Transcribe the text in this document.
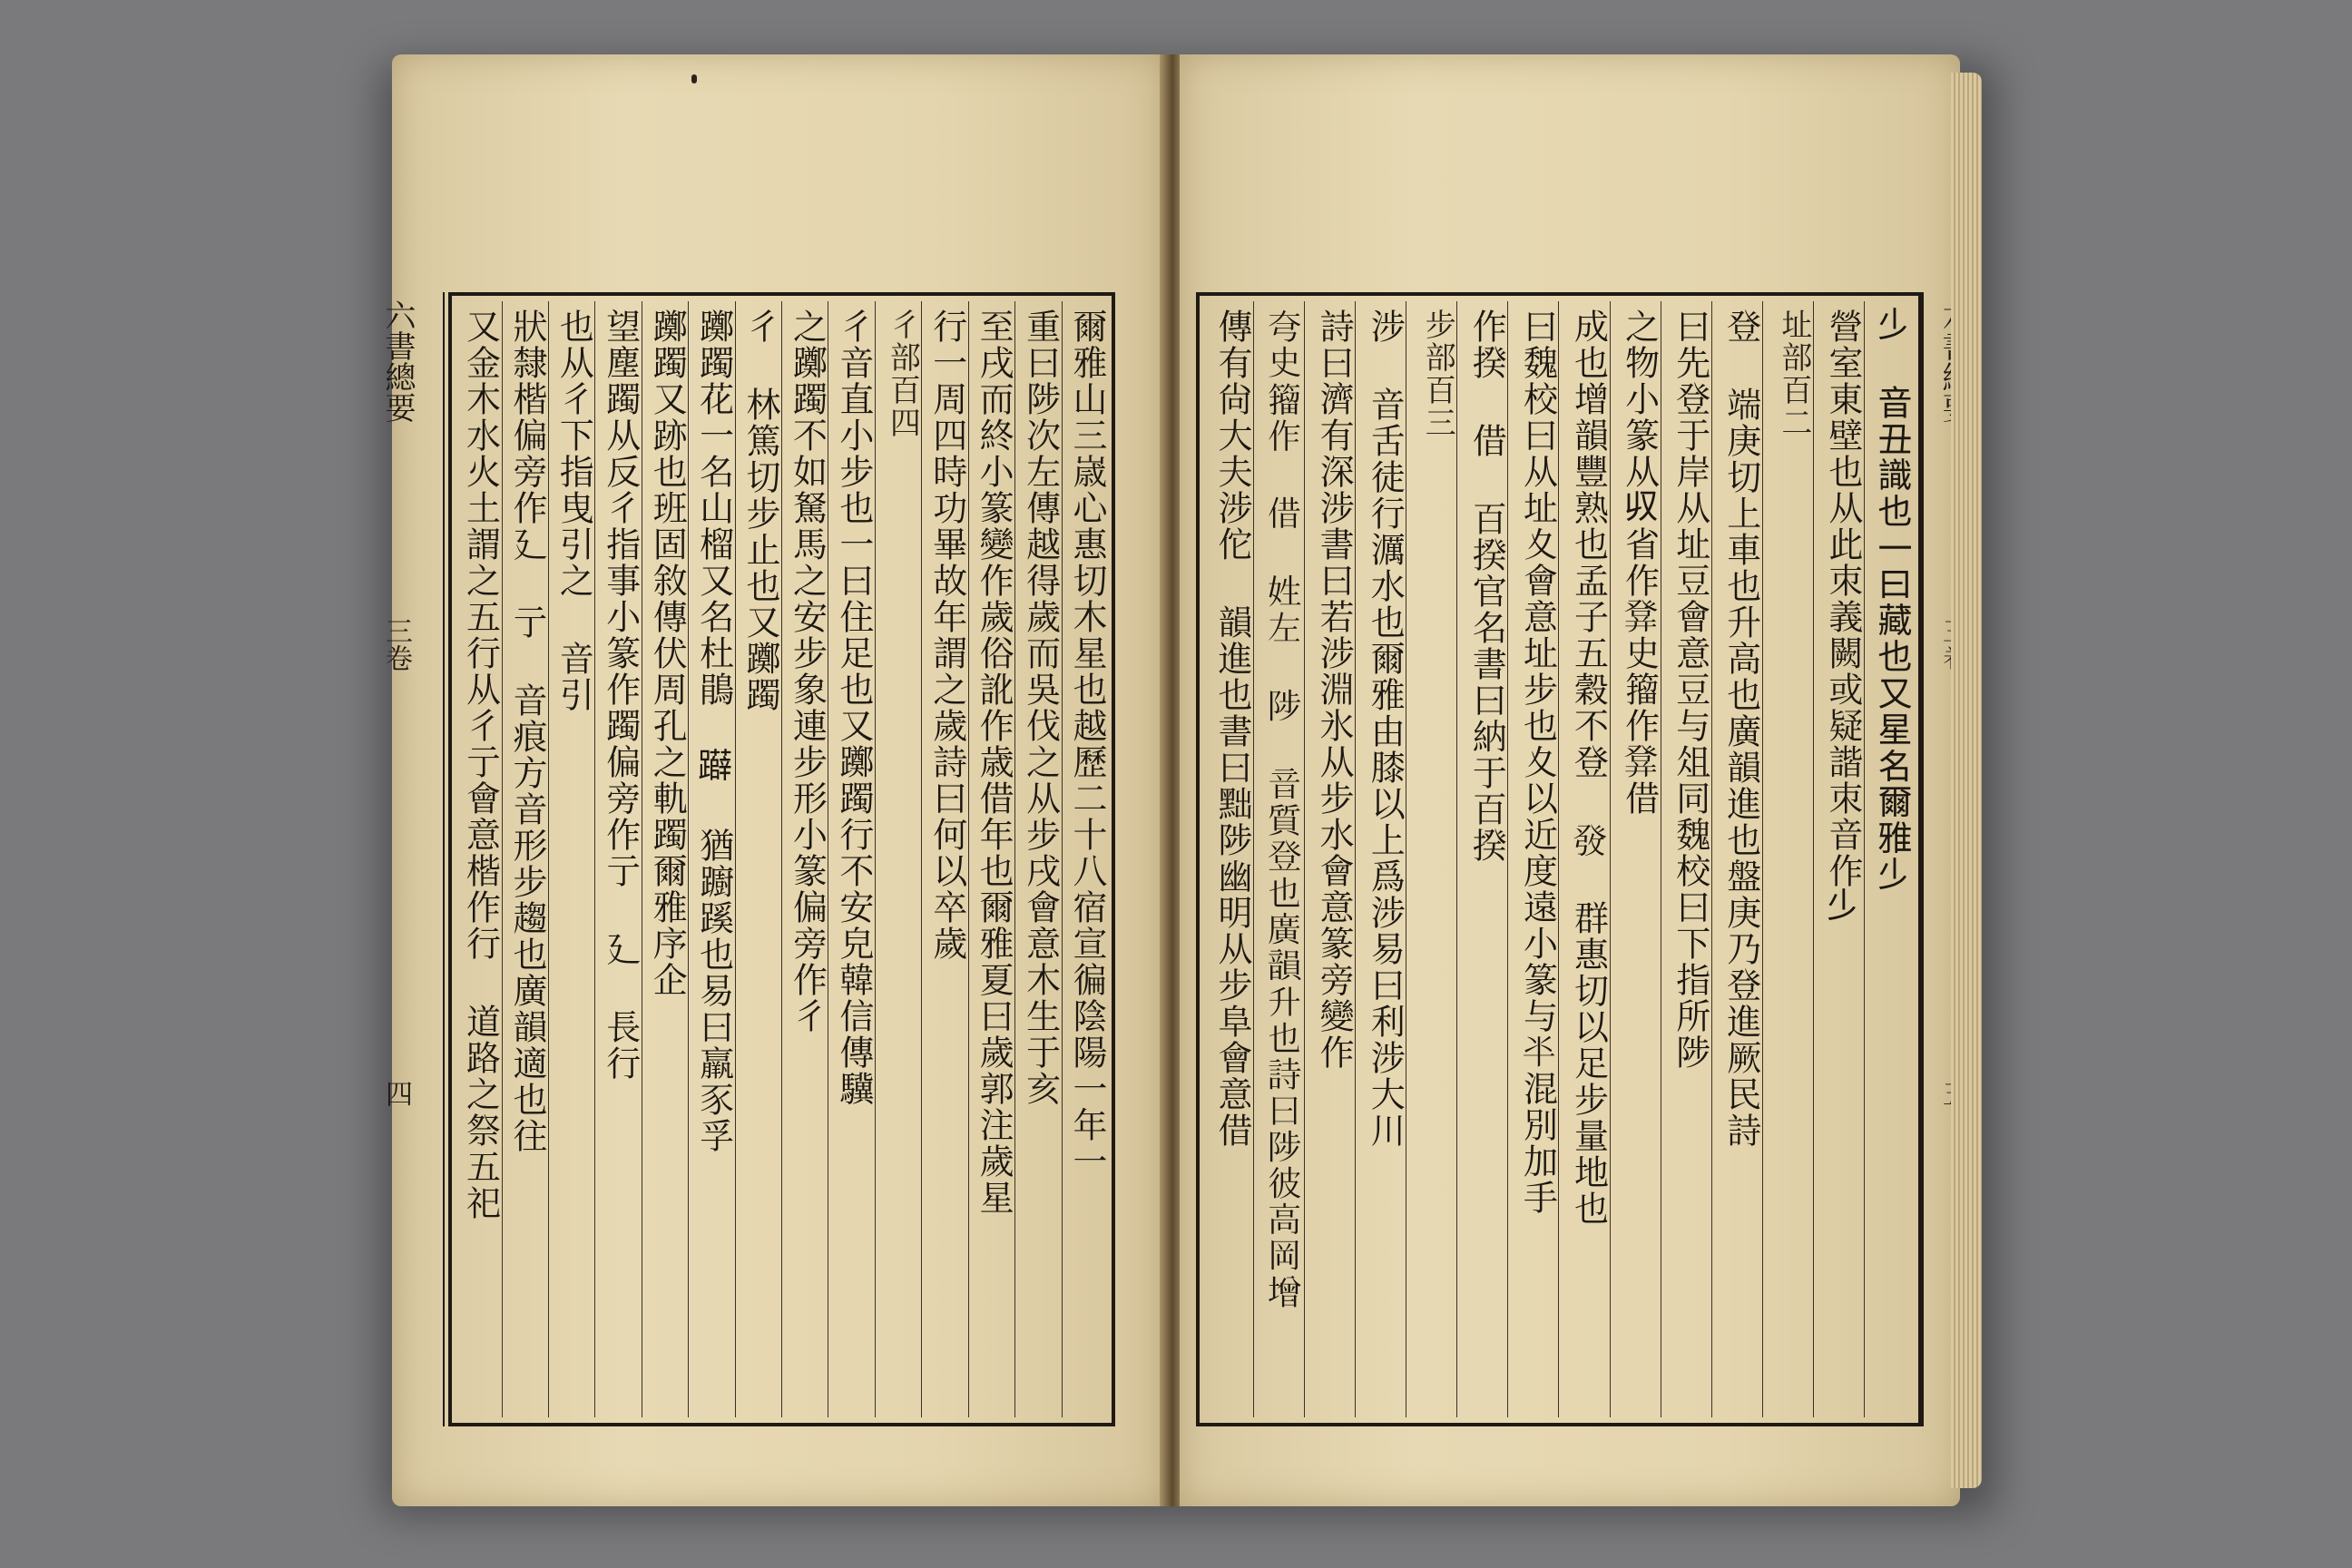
六書總要
三卷
四	爾雅山三𡻕心惠切木星也越歷二十八宿宣徧陰陽一年一
重曰陟次左傳越得歲而吳伐之从步戌會意木生于亥
至戌而終小篆變作歲俗訛作歳借年也爾雅夏曰歲郭注歲星
行一周四時功畢故年謂之歲詩曰何以卒歲
彳部百四
彳音直小步也一曰住足也又躑躅行不安皃韓信傳驥
之躑躅不如駑馬之安步象連步形小篆偏旁作彳
彳 林篤切步止也又躑躅
躑躅花一名山榴又名杜鵑 𨇨 猶躕蹊也易曰羸豕孚
躑躅又跡也班固敘傳伏周孔之軌躅爾雅序企
望塵躅从反彳指事小篆作躅偏旁作亍 廴 長行
也从彳下指曳引之 音引
狀隸楷偏旁作廴 亍 音痕方音形步趨也廣韻適也往
又金木水火土謂之五行从彳亍會意楷作行 道路之祭五祀	𣥂 音丑識也一曰藏也又星名爾雅𣥂
營室東壁也从此朿義闕或疑諧朿音作𣥂
址部百二
登 端庚切上車也升高也廣韻進也盤庚乃登進厥民詩
曰先登于岸从址豆會意豆与俎同魏校曰下指所陟
之物小篆从𠬞省作𤼷史籀作𤼷借
成也增韻豐熟也孟子五穀不登 𤼲 群惠切以足步量地也
曰魏校曰从址夊會意址步也夊以近度遠小篆与𠦂混別加手
作揆 借 百揆官名書曰納于百揆
步部百三
涉 音舌徒行濿水也爾雅由膝以上爲涉易曰利涉大川
詩曰濟有深涉書曰若涉淵氷从步水會意篆旁變作
𡗝史籀作 借 姓左 陟 音質登也廣韻升也詩曰陟彼高岡增
傳有尙大夫涉佗 韻進也書曰黜陟幽明从步阜會意借
